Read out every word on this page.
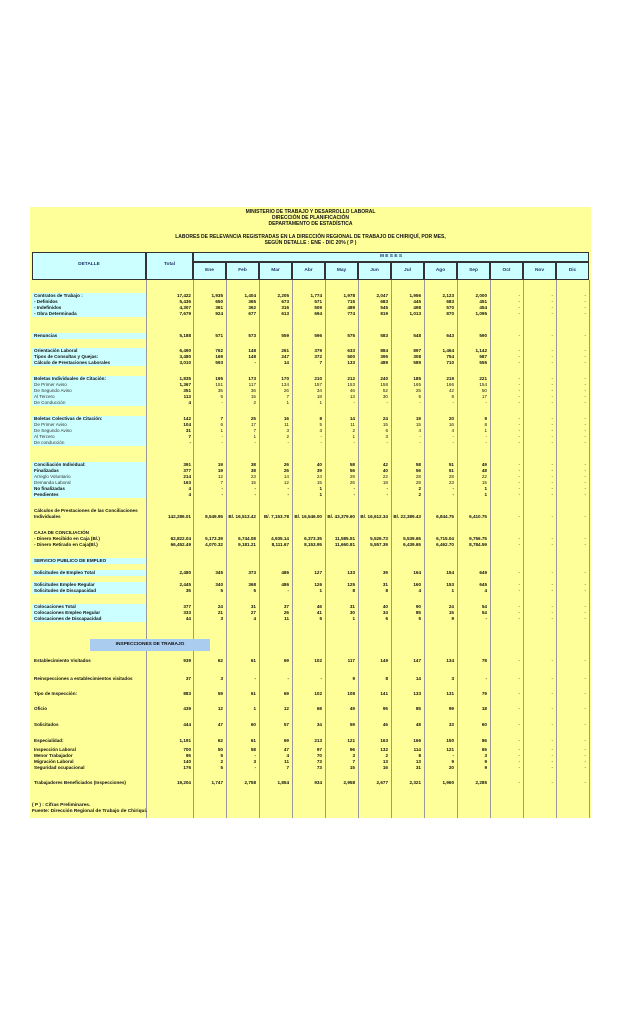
MINISTERIO DE TRABAJO Y DESARROLLO LABORAL
DIRECCIÓN DE PLANIFICACIÓN
DEPARTAMENTO DE ESTADÍSTICA
LABORES DE RELEVANCIA REGISTRADAS EN LA DIRECCIÓN REGIONAL DE TRABAJO DE CHIRIQUÍ, POR MES,
SEGÚN DETALLE : ENE - DIC 20% ( P )
DETALLE	Total
M E S E S
Ene	Feb	Mar	Abr	May	Jun	Jul	Ago	Sep	Oct	Nov	Dic
Contratos de Trabajo :	17,422	1,935	1,404	2,205	1,774	1,978	2,047	1,956	2,123	2,000	-	-	-
- Definidos	5,436	650	365	673	571	715	683	445	683	451	-	-	-
- Indefinidos	4,307	361	362	316	509	489	545	498	570	454	-	-	-
- Obra Determinada	7,679	924	677	613	694	774	819	1,013	870	1,095	-	-	-
Renuncias	5,188	571	573	559	596	575	583	548	643	590	-	-	-
Orientación Laboral	6,490	762	148	261	379	633	884	897	1,464	1,142	-	-	-
Tipos de Consultas y Quejas:	3,480	169	148	247	372	500	395	308	754	587	-	-	-
Cálculo de Prestaciones Laborales	3,010	593	-	14	7	133	489	589	710	555	-	-	-
Boletas Individuales de Citación:	1,835	195	173	170	210	212	240	185	219	221	-	-	-
De Primer Aviso	1,367	151	117	134	157	153	158	165	166	154	-	-	-
De Segundo Aviso	351	35	36	26	34	46	52	25	42	50	-	-	-
Al Tercero	113	5	15	7	18	13	30	5	8	17	-	-	-
De Conducción	4	-	2	1	1	-	-	-	-	-	-	-	-
Boletas Colectivas de Citación:	142	7	25	16	8	14	24	19	20	9	-	-	-
De Primer Aviso	104	6	17	11	5	11	15	15	16	8	-	-	-
De Segundo Aviso	31	1	7	3	3	2	6	4	4	1	-	-	-
Al Tercero	7	-	1	2	-	1	3	-	-	-	-	-	-
De conducción	-	-	-	-	-	-	-	-	-	-	-	-	-
Conciliación Individual:	391	19	38	26	40	58	42	58	51	49	-	-	-
Finalizadas	377	19	38	26	39	56	40	56	51	48	-	-	-
Arreglo Voluntario	214	12	23	14	24	29	22	28	28	22	-	-	-
Demanda Laboral	163	7	15	12	15	26	18	28	23	15	-	-	-
No finalizadas	4	-	-	-	1	-	-	2	-	1	-	-	-
Pendientes	4	-	-	-	1	-	-	2	-	1	-	-	-
Cálculos de Prestaciones de las Conciliaciones
Individuales	142,286.01	8,549.95	B/. 16,513.42	B/. 7,153.78	B/. 16,546.00	B/. 43,379.60	B/. 16,612.34	B/. 22,389.43	6,844.75	6,410.75	-	-	-
CAJA DE CONCILIACIÓN
- Dinero Recibido en Caja (B/.)	62,822.04	5,173.39	6,744.08	4,935.14	6,373.35	11,585.51	5,526.73	5,539.65	6,715.04	9,756.75	-	-	-
- Dinero Retirado en Caja(B/.)	66,452.49	4,070.32	9,181.21	8,111.67	8,153.95	11,660.81	5,557.39	6,439.65	6,462.70	8,784.59	-	-	-
SERVICIO PUBLICO DE EMPLEO
Solicitudes de Empleo Total	2,480	345	373	486	127	133	39	164	154	649	-	-	-
Solicitudes Empleo Regular	2,445	340	368	486	126	125	31	160	153	645	-	-	-
Solicitudes de Discapacidad	35	5	5	-	1	8	8	4	1	4	-	-	-
Colocaciones Total	377	24	31	37	46	31	40	90	24	54	-	-	-
Colocaciones Empleo Regular	333	21	27	26	41	30	34	85	15	54	-	-	-
Colocaciones de Discapacidad	44	3	4	11	5	1	6	5	9	-	-	-	-
Establecimiento Visitados	939	62	61	69	102	117	149	147	134	78	-	-	-
Reinspecciones a establecimientos visitados	37	3	-	-	-	9	8	14	3	-	-	-	-
Tipo de Inspección:	883	59	61	69	102	108	141	133	131	79	-	-	-
Oficio	439	12	1	12	68	49	95	85	99	18	-	-	-
Solicitados	444	47	60	57	34	59	46	48	33	60	-	-	-
Especialidad:	1,191	62	61	69	213	121	163	166	150	86	-	-	-
Inspección Laboral	700	50	58	47	97	96	132	114	121	65	-	-	-
Menor Trabajador	95	5	-	4	70	3	2	8	-	3	-	-	-
Migración Laboral	140	2	3	11	73	7	13	13	9	9	-	-	-
Seguridad ocupacional	176	5	-	7	73	15	16	31	20	9	-	-	-
Trabajadores Beneficiados (Inspecciones)	19,204	1,747	2,758	1,854	934	2,958	2,677	2,321	1,960	2,285	-	-	-
INSPECCIONES DE TRABAJO
( P ) : Cifras Preliminares.
Fuente: Dirección Regional de Trabajo de Chiriquí.
